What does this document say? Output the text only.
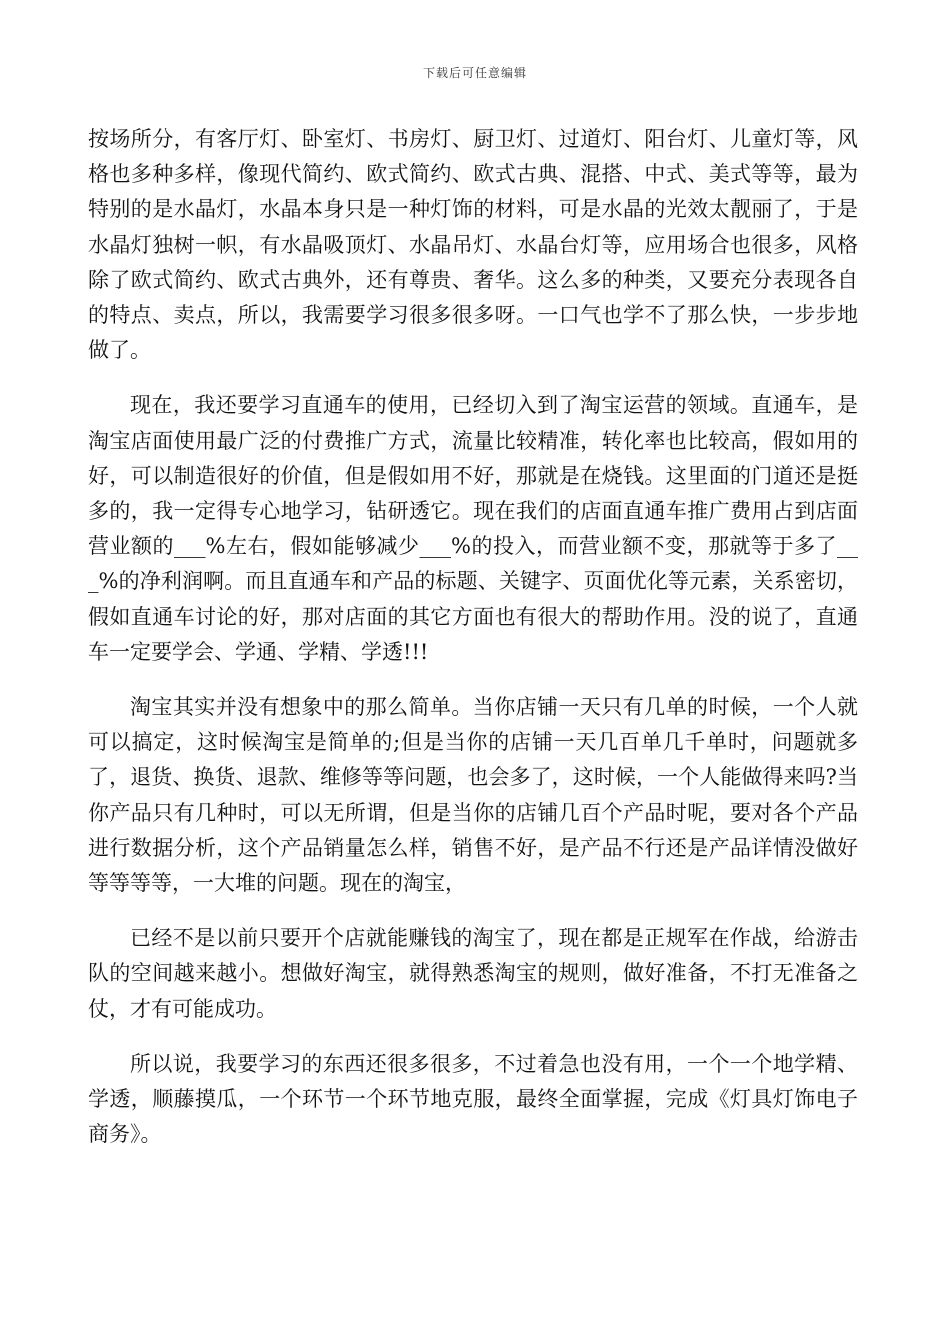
下载后可任意编辑

按场所分，有客厅灯、卧室灯、书房灯、厨卫灯、过道灯、阳台灯、儿童灯等，风格也多种多样，像现代简约、欧式简约、欧式古典、混搭、中式、美式等等，最为特别的是水晶灯，水晶本身只是一种灯饰的材料，可是水晶的光效太靓丽了，于是水晶灯独树一帜，有水晶吸顶灯、水晶吊灯、水晶台灯等，应用场合也很多，风格除了欧式简约、欧式古典外，还有尊贵、奢华。这么多的种类，又要充分表现各自的特点、卖点，所以，我需要学习很多很多呀。一口气也学不了那么快，一步步地做了。

现在，我还要学习直通车的使用，已经切入到了淘宝运营的领域。直通车，是淘宝店面使用最广泛的付费推广方式，流量比较精准，转化率也比较高，假如用的好，可以制造很好的价值，但是假如用不好，那就是在烧钱。这里面的门道还是挺多的，我一定得专心地学习，钻研透它。现在我们的店面直通车推广费用占到店面营业额的___%左右，假如能够减少___%的投入，而营业额不变，那就等于多了___%的净利润啊。而且直通车和产品的标题、关键字、页面优化等元素，关系密切，假如直通车讨论的好，那对店面的其它方面也有很大的帮助作用。没的说了，直通车一定要学会、学通、学精、学透!!!

淘宝其实并没有想象中的那么简单。当你店铺一天只有几单的时候，一个人就可以搞定，这时候淘宝是简单的;但是当你的店铺一天几百单几千单时，问题就多了，退货、换货、退款、维修等等问题，也会多了，这时候，一个人能做得来吗?当你产品只有几种时，可以无所谓，但是当你的店铺几百个产品时呢，要对各个产品进行数据分析，这个产品销量怎么样，销售不好，是产品不行还是产品详情没做好等等等等，一大堆的问题。现在的淘宝，

已经不是以前只要开个店就能赚钱的淘宝了，现在都是正规军在作战，给游击队的空间越来越小。想做好淘宝，就得熟悉淘宝的规则，做好准备，不打无准备之仗，才有可能成功。

所以说，我要学习的东西还很多很多，不过着急也没有用，一个一个地学精、学透，顺藤摸瓜，一个环节一个环节地克服，最终全面掌握，完成《灯具灯饰电子商务》。
